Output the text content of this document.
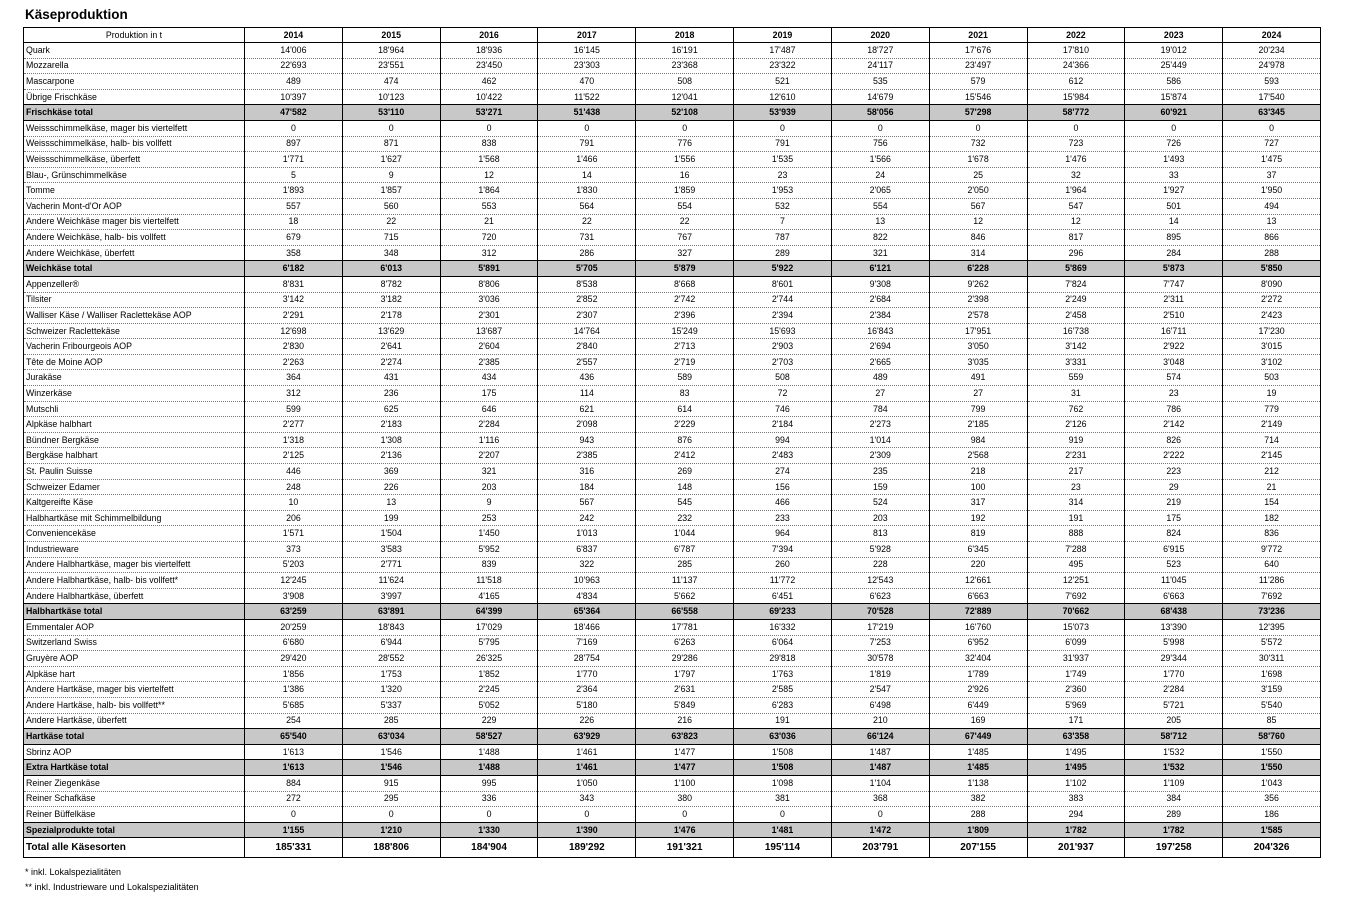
Käseproduktion
Produktion in t	2014	2015	2016	2017	2018	2019	2020	2021	2022	2023	2024
Quark	14'006	18'964	18'936	16'145	16'191	17'487	18'727	17'676	17'810	19'012	20'234
Mozzarella	22'693	23'551	23'450	23'303	23'368	23'322	24'117	23'497	24'366	25'449	24'978
Mascarpone	489	474	462	470	508	521	535	579	612	586	593
Übrige Frischkäse	10'397	10'123	10'422	11'522	12'041	12'610	14'679	15'546	15'984	15'874	17'540
Frischkäse total	47'582	53'110	53'271	51'438	52'108	53'939	58'056	57'298	58'772	60'921	63'345
Weissschimmelkäse, mager bis viertelfett	0	0	0	0	0	0	0	0	0	0	0
Weissschimmelkäse, halb- bis vollfett	897	871	838	791	776	791	756	732	723	726	727
Weissschimmelkäse, überfett	1'771	1'627	1'568	1'466	1'556	1'535	1'566	1'678	1'476	1'493	1'475
Blau-, Grünschimmelkäse	5	9	12	14	16	23	24	25	32	33	37
Tomme	1'893	1'857	1'864	1'830	1'859	1'953	2'065	2'050	1'964	1'927	1'950
Vacherin Mont-d'Or AOP	557	560	553	564	554	532	554	567	547	501	494
Andere Weichkäse mager bis viertelfett	18	22	21	22	22	7	13	12	12	14	13
Andere Weichkäse, halb- bis vollfett	679	715	720	731	767	787	822	846	817	895	866
Andere Weichkäse, überfett	358	348	312	286	327	289	321	314	296	284	288
Weichkäse total	6'182	6'013	5'891	5'705	5'879	5'922	6'121	6'228	5'869	5'873	5'850
Appenzeller®	8'831	8'782	8'806	8'538	8'668	8'601	9'308	9'262	7'824	7'747	8'090
Tilsiter	3'142	3'182	3'036	2'852	2'742	2'744	2'684	2'398	2'249	2'311	2'272
Walliser Käse / Walliser Raclettekäse AOP	2'291	2'178	2'301	2'307	2'396	2'394	2'384	2'578	2'458	2'510	2'423
Schweizer Raclettekäse	12'698	13'629	13'687	14'764	15'249	15'693	16'843	17'951	16'738	16'711	17'230
Vacherin Fribourgeois AOP	2'830	2'641	2'604	2'840	2'713	2'903	2'694	3'050	3'142	2'922	3'015
Tête de Moine AOP	2'263	2'274	2'385	2'557	2'719	2'703	2'665	3'035	3'331	3'048	3'102
Jurakäse	364	431	434	436	589	508	489	491	559	574	503
Winzerkäse	312	236	175	114	83	72	27	27	31	23	19
Mutschli	599	625	646	621	614	746	784	799	762	786	779
Alpkäse halbhart	2'277	2'183	2'284	2'098	2'229	2'184	2'273	2'185	2'126	2'142	2'149
Bündner Bergkäse	1'318	1'308	1'116	943	876	994	1'014	984	919	826	714
Bergkäse halbhart	2'125	2'136	2'207	2'385	2'412	2'483	2'309	2'568	2'231	2'222	2'145
St. Paulin Suisse	446	369	321	316	269	274	235	218	217	223	212
Schweizer Edamer	248	226	203	184	148	156	159	100	23	29	21
Kaltgereifte Käse	10	13	9	567	545	466	524	317	314	219	154
Halbhartkäse mit Schimmelbildung	206	199	253	242	232	233	203	192	191	175	182
Conveniencekäse	1'571	1'504	1'450	1'013	1'044	964	813	819	888	824	836
Industrieware	373	3'583	5'952	6'837	6'787	7'394	5'928	6'345	7'288	6'915	9'772
Andere Halbhartkäse, mager bis viertelfett	5'203	2'771	839	322	285	260	228	220	495	523	640
Andere Halbhartkäse, halb- bis vollfett*	12'245	11'624	11'518	10'963	11'137	11'772	12'543	12'661	12'251	11'045	11'286
Andere Halbhartkäse, überfett	3'908	3'997	4'165	4'834	5'662	6'451	6'623	6'663	7'692	6'663	7'692
Halbhartkäse total	63'259	63'891	64'399	65'364	66'558	69'233	70'528	72'889	70'662	68'438	73'236
Emmentaler AOP	20'259	18'843	17'029	18'466	17'781	16'332	17'219	16'760	15'073	13'390	12'395
Switzerland Swiss	6'680	6'944	5'795	7'169	6'263	6'064	7'253	6'952	6'099	5'998	5'572
Gruyère AOP	29'420	28'552	26'325	28'754	29'286	29'818	30'578	32'404	31'937	29'344	30'311
Alpkäse hart	1'856	1'753	1'852	1'770	1'797	1'763	1'819	1'789	1'749	1'770	1'698
Andere Hartkäse, mager bis viertelfett	1'386	1'320	2'245	2'364	2'631	2'585	2'547	2'926	2'360	2'284	3'159
Andere Hartkäse, halb- bis vollfett**	5'685	5'337	5'052	5'180	5'849	6'283	6'498	6'449	5'969	5'721	5'540
Andere Hartkäse, überfett	254	285	229	226	216	191	210	169	171	205	85
Hartkäse total	65'540	63'034	58'527	63'929	63'823	63'036	66'124	67'449	63'358	58'712	58'760
Sbrinz AOP	1'613	1'546	1'488	1'461	1'477	1'508	1'487	1'485	1'495	1'532	1'550
Extra Hartkäse total	1'613	1'546	1'488	1'461	1'477	1'508	1'487	1'485	1'495	1'532	1'550
Reiner Ziegenkäse	884	915	995	1'050	1'100	1'098	1'104	1'138	1'102	1'109	1'043
Reiner Schafkäse	272	295	336	343	380	381	368	382	383	384	356
Reiner Büffelkäse	0	0	0	0	0	0	0	288	294	289	186
Spezialprodukte total	1'155	1'210	1'330	1'390	1'476	1'481	1'472	1'809	1'782	1'782	1'585
Total alle Käsesorten	185'331	188'806	184'904	189'292	191'321	195'114	203'791	207'155	201'937	197'258	204'326
* inkl. Lokalspezialitäten
** inkl. Industrieware und Lokalspezialitäten
